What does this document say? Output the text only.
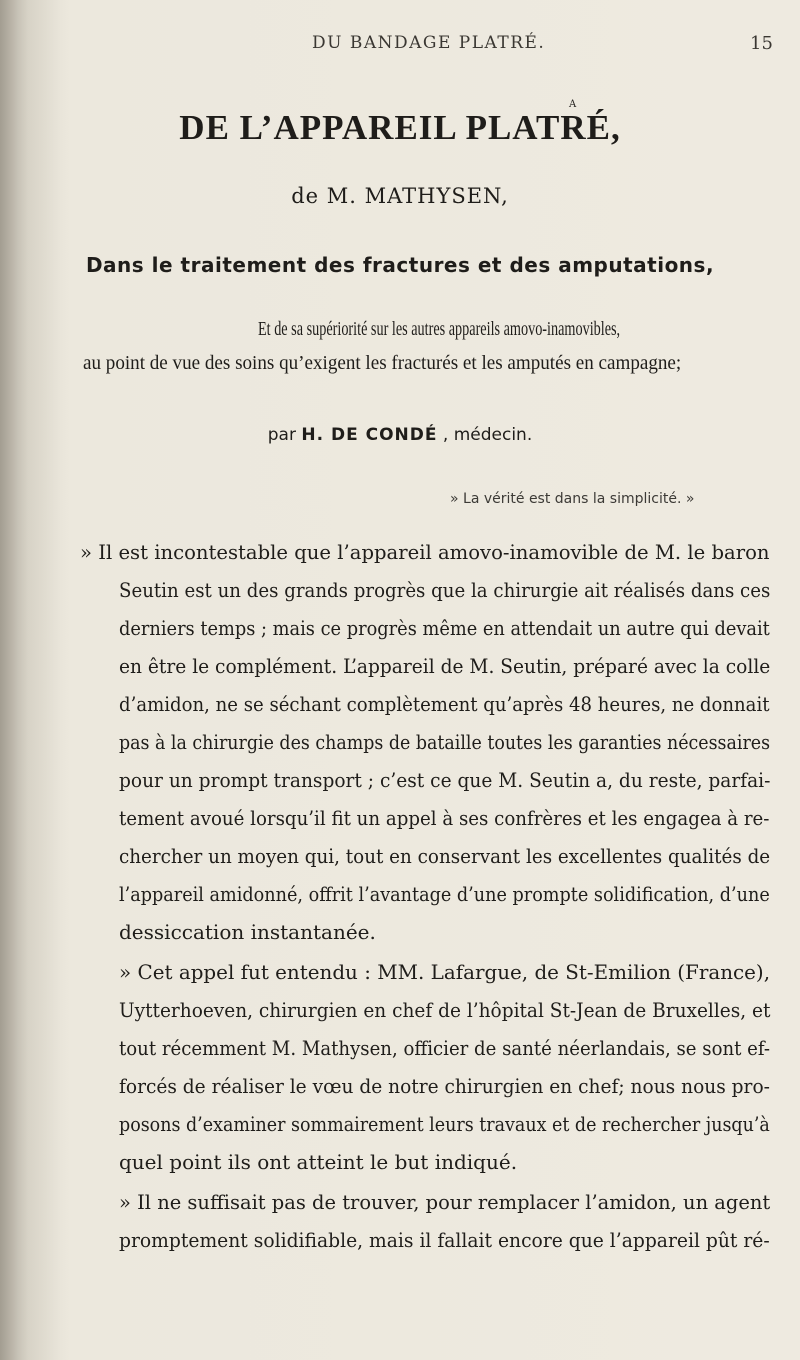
DU BANDAGE PLATRÉ.	15
A
DE L’APPAREIL PLATRÉ,
de M. MATHYSEN,
Dans le traitement des fractures et des amputations,
Et de sa supériorité sur les autres appareils amovo-inamovibles,
au point de vue des soins qu’exigent les fracturés et les amputés en campagne;
par H. DE CONDÉ , médecin.
» La vérité est dans la simplicité. »
» Il est incontestable que l’appareil amovo-inamovible de M. le baron
Seutin est un des grands progrès que la chirurgie ait réalisés dans ces
derniers temps ; mais ce progrès même en attendait un autre qui devait
en être le complément. L’appareil de M. Seutin, préparé avec la colle
d’amidon, ne se séchant complètement qu’après 48 heures, ne donnait
pas à la chirurgie des champs de bataille toutes les garanties nécessaires
pour un prompt transport ; c’est ce que M. Seutin a, du reste, parfai-
tement avoué lorsqu’il fit un appel à ses confrères et les engagea à re-
chercher un moyen qui, tout en conservant les excellentes qualités de
l’appareil amidonné, offrit l’avantage d’une prompte solidification, d’une
dessiccation instantanée.
» Cet appel fut entendu : MM. Lafargue, de St-Emilion (France),
Uytterhoeven, chirurgien en chef de l’hôpital St-Jean de Bruxelles, et
tout récemment M. Mathysen, officier de santé néerlandais, se sont ef-
forcés de réaliser le vœu de notre chirurgien en chef; nous nous pro-
posons d’examiner sommairement leurs travaux et de rechercher jusqu’à
quel point ils ont atteint le but indiqué.
» Il ne suffisait pas de trouver, pour remplacer l’amidon, un agent
promptement solidifiable, mais il fallait encore que l’appareil pût ré-
